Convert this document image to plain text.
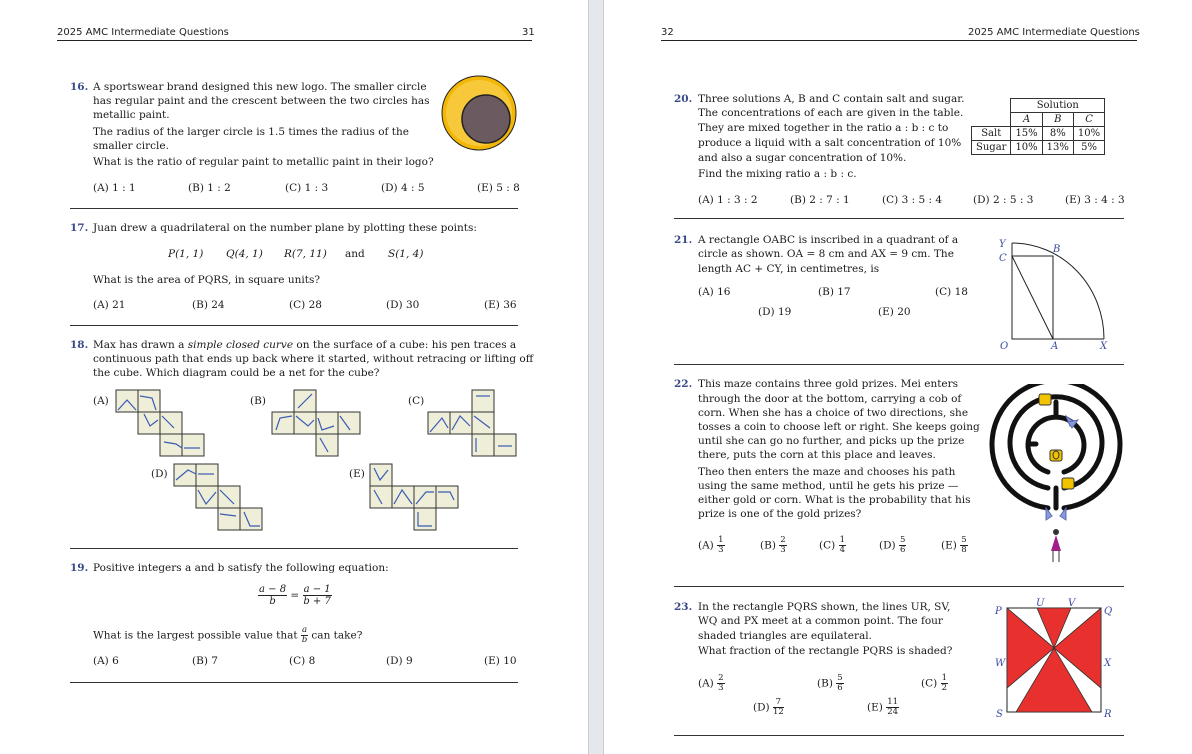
2025 AMC Intermediate Questions	31
16. A sportswear brand designed this new logo. The smaller circle
has regular paint and the crescent between the two circles has
metallic paint.
The radius of the larger circle is 1.5 times the radius of the
smaller circle.
What is the ratio of regular paint to metallic paint in their logo?
(A) 1 : 1	(B) 1 : 2	(C) 1 : 3	(D) 4 : 5	(E) 5 : 8
17. Juan drew a quadrilateral on the number plane by plotting these points:
P(1, 1) Q(4, 1) R(7, 11) and S(1, 4)
What is the area of PQRS, in square units?
(A) 21	(B) 24	(C) 28	(D) 30	(E) 36
18. Max has drawn a simple closed curve on the surface of a cube: his pen traces a
continuous path that ends up back where it started, without retracing or lifting off
the cube. Which diagram could be a net for the cube?
(A)	(B)	(C)
(D)	(E)
19. Positive integers a and b satisfy the following equation:
$\frac{a - 8}{b} = \frac{a - 1}{b + 7}$
What is the largest possible value that $\frac{a}{b}$ can take?
(A) 6	(B) 7	(C) 8	(D) 9	(E) 10
32	2025 AMC Intermediate Questions
20. Three solutions A, B and C contain salt and sugar.
The concentrations of each are given in the table.
They are mixed together in the ratio a : b : c to
produce a liquid with a salt concentration of 10%
and also a sugar concentration of 10%.
Find the mixing ratio a : b : c.
	Solution		
	A	B	C
Salt	15%	8%	10%
Sugar	10%	13%	5%
(A) 1 : 3 : 2	(B) 2 : 7 : 1	(C) 3 : 5 : 4	(D) 2 : 5 : 3	(E) 3 : 4 : 3
21. A rectangle OABC is inscribed in a quadrant of a
circle as shown. OA = 8 cm and AX = 9 cm. The
length AC + CY, in centimetres, is
(A) 16	(B) 17	(C) 18
(D) 19	(E) 20
Y
C
B
O	A	X
22. This maze contains three gold prizes. Mei enters
through the door at the bottom, carrying a cob of
corn. When she has a choice of two directions, she
tosses a coin to choose left or right. She keeps going
until she can go no further, and picks up the prize
there, puts the corn at this place and leaves.
Theo then enters the maze and chooses his path
using the same method, until he gets his prize —
either gold or corn. What is the probability that his
prize is one of the gold prizes?
$(A) \frac{1}{3}$	$(B) \frac{2}{3}$	$(C) \frac{1}{4}$	$(D) \frac{5}{6}$	$(E) \frac{5}{8}$
23. In the rectangle PQRS shown, the lines UR, SV,
WQ and PX meet at a common point. The four
shaded triangles are equilateral.
What fraction of the rectangle PQRS is shaded?
$(A) \frac{2}{3}$	$(B) \frac{5}{6}$	$(C) \frac{1}{2}$
$(D) \frac{7}{12}$	$(E) \frac{11}{24}$
P
U V
Q
W	X
S	R
